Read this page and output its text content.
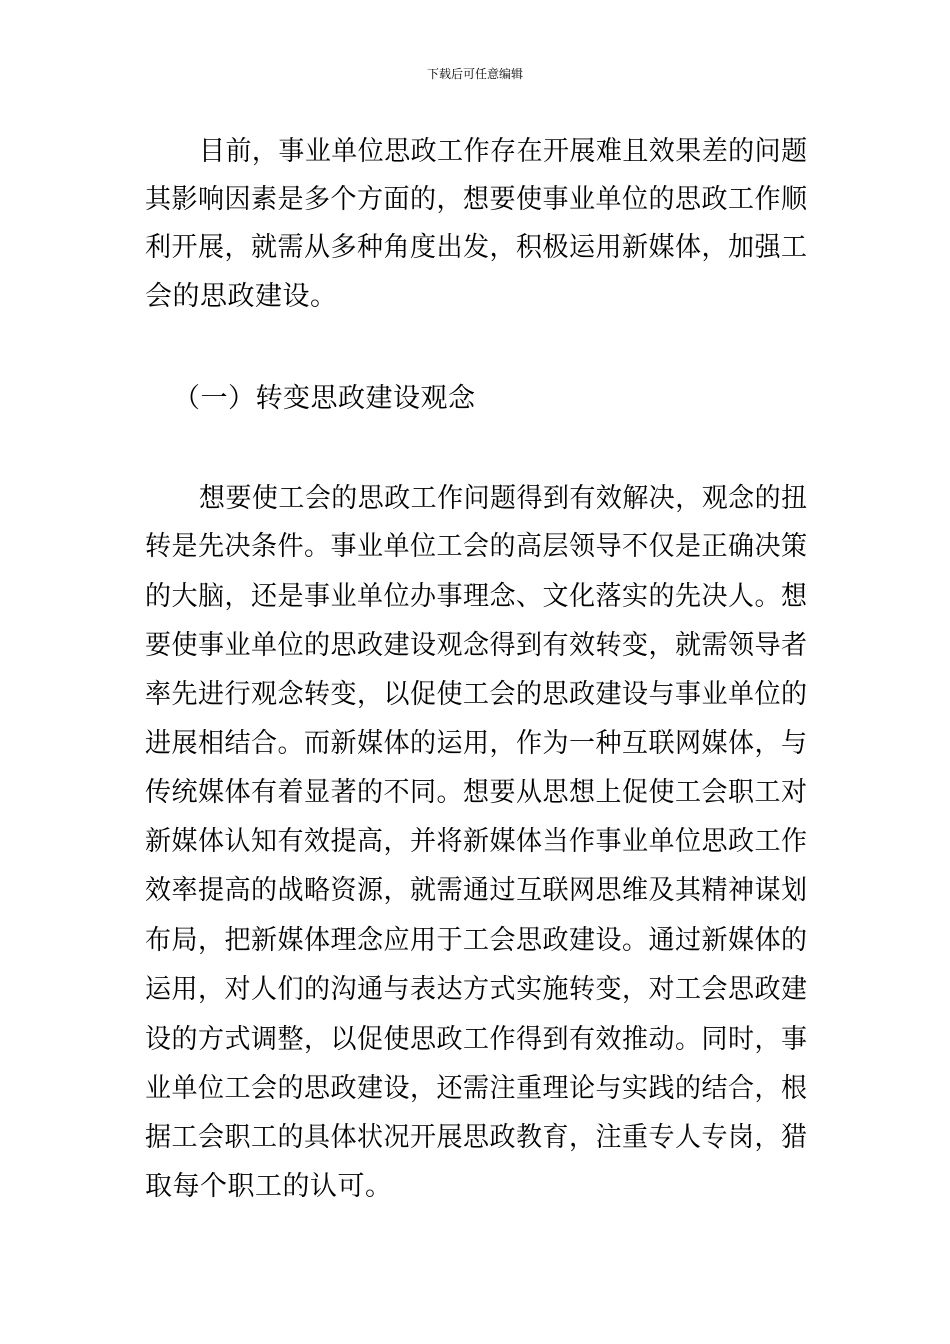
下载后可任意编辑
目前，事业单位思政工作存在开展难且效果差的问题
其影响因素是多个方面的，想要使事业单位的思政工作顺
利开展，就需从多种角度出发，积极运用新媒体，加强工
会的思政建设。
（一）转变思政建设观念
想要使工会的思政工作问题得到有效解决，观念的扭
转是先决条件。事业单位工会的高层领导不仅是正确决策
的大脑，还是事业单位办事理念、文化落实的先决人。想
要使事业单位的思政建设观念得到有效转变，就需领导者
率先进行观念转变，以促使工会的思政建设与事业单位的
进展相结合。而新媒体的运用，作为一种互联网媒体，与
传统媒体有着显著的不同。想要从思想上促使工会职工对
新媒体认知有效提高，并将新媒体当作事业单位思政工作
效率提高的战略资源，就需通过互联网思维及其精神谋划
布局，把新媒体理念应用于工会思政建设。通过新媒体的
运用，对人们的沟通与表达方式实施转变，对工会思政建
设的方式调整，以促使思政工作得到有效推动。同时，事
业单位工会的思政建设，还需注重理论与实践的结合，根
据工会职工的具体状况开展思政教育，注重专人专岗，猎
取每个职工的认可。
